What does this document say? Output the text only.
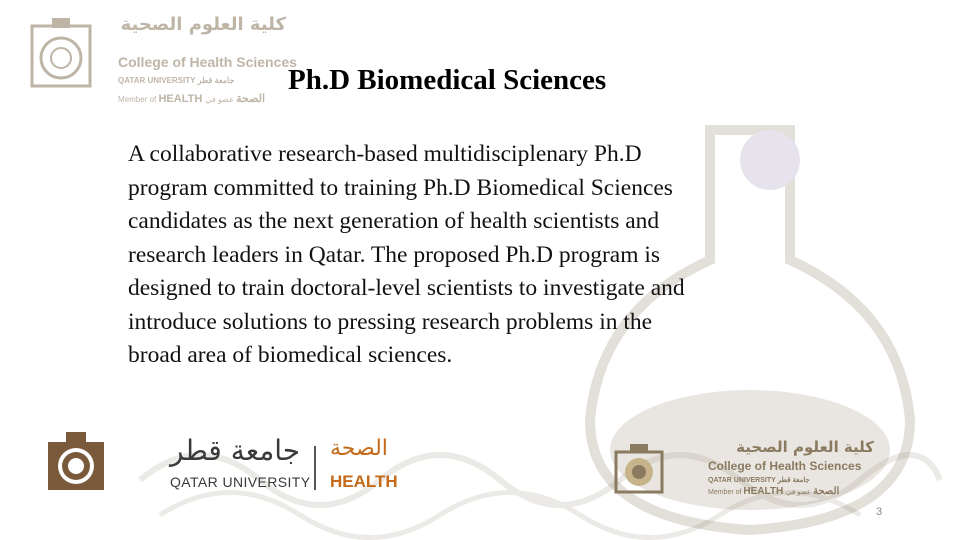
كلية العلوم الصحية
College of Health Sciences
QATAR UNIVERSITY جامعة قطر
Member of HEALTH الصحة عضو في
Ph.D Biomedical Sciences
A collaborative research-based multidisciplenary Ph.D
program committed to training Ph.D Biomedical Sciences
candidates as the next generation of health scientists and
research leaders in Qatar. The proposed Ph.D program is
designed to train doctoral-level scientists to investigate and
introduce solutions to pressing research problems in the
broad area of biomedical sciences.
جامعة قطر
QATAR UNIVERSITY
الصحة
HEALTH
كلية العلوم الصحية
College of Health Sciences
QATAR UNIVERSITY جامعة قطر
Member of HEALTH الصحة عضو في
3
